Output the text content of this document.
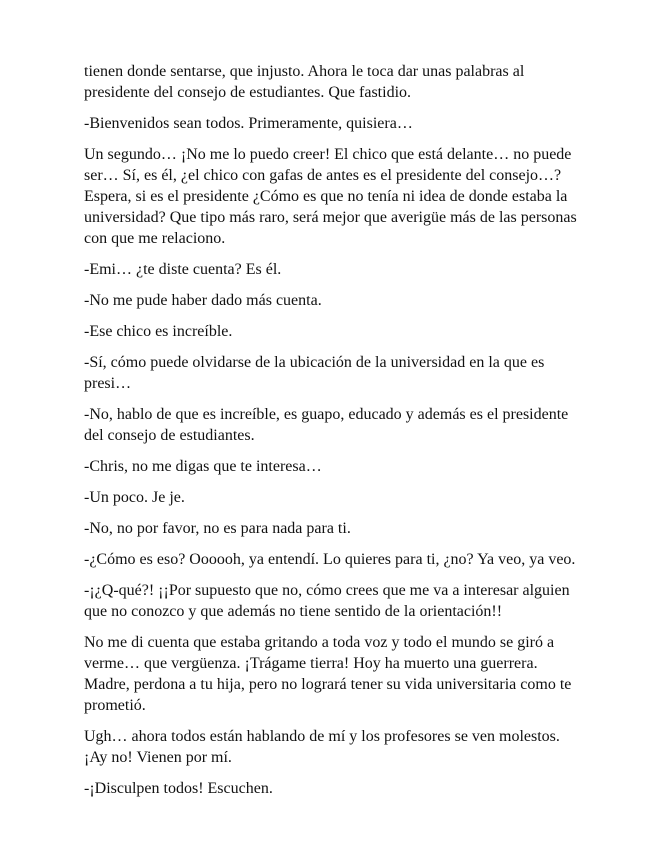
tienen donde sentarse, que injusto. Ahora le toca dar unas palabras al presidente del consejo de estudiantes. Que fastidio.

-Bienvenidos sean todos. Primeramente, quisiera…

Un segundo… ¡No me lo puedo creer! El chico que está delante… no puede ser… Sí, es él, ¿el chico con gafas de antes es el presidente del consejo…? Espera, si es el presidente ¿Cómo es que no tenía ni idea de donde estaba la universidad? Que tipo más raro, será mejor que averigüe más de las personas con que me relaciono.

-Emi… ¿te diste cuenta? Es él.

-No me pude haber dado más cuenta.

-Ese chico es increíble.

-Sí, cómo puede olvidarse de la ubicación de la universidad en la que es presi…

-No, hablo de que es increíble, es guapo, educado y además es el presidente del consejo de estudiantes.

-Chris, no me digas que te interesa…

-Un poco. Je je.

-No, no por favor, no es para nada para ti.

-¿Cómo es eso? Oooooh, ya entendí. Lo quieres para ti, ¿no? Ya veo, ya veo.

-¡¿Q-qué?! ¡¡Por supuesto que no, cómo crees que me va a interesar alguien que no conozco y que además no tiene sentido de la orientación!!

No me di cuenta que estaba gritando a toda voz y todo el mundo se giró a verme… que vergüenza. ¡Trágame tierra! Hoy ha muerto una guerrera. Madre, perdona a tu hija, pero no logrará tener su vida universitaria como te prometió.

Ugh… ahora todos están hablando de mí y los profesores se ven molestos. ¡Ay no! Vienen por mí.

-¡Disculpen todos! Escuchen.
